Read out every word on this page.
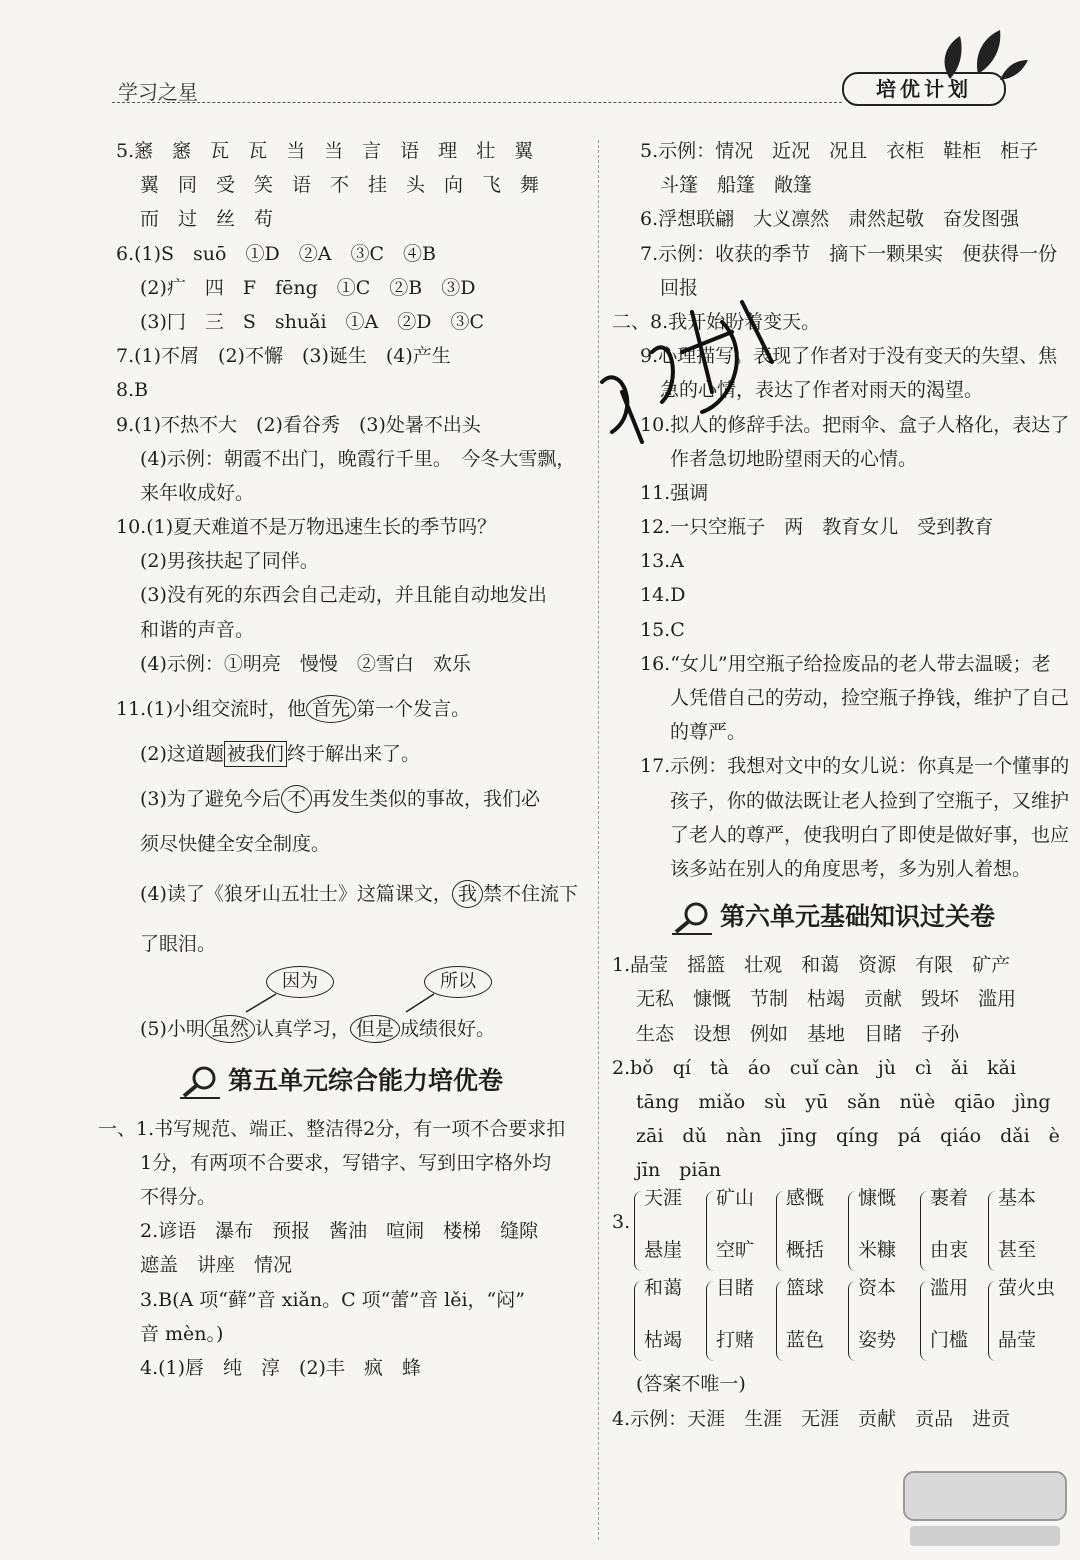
学习之星	培优计划
5.窸　窸　瓦　瓦　当　当　言　语　理　壮　翼
翼　同　受　笑　语　不　挂　头　向　飞　舞
而　过　丝　苟
6.(1)S　suō　①D　②A　③C　④B
(2)疒　四　F　fēng　①C　②B　③D
(3)冂　三　S　shuǎi　①A　②D　③C
7.(1)不屑　(2)不懈　(3)诞生　(4)产生
8.B
9.(1)不热不大　(2)看谷秀　(3)处暑不出头
(4)示例：朝霞不出门，晚霞行千里。　今冬大雪飘，
来年收成好。
10.(1)夏天难道不是万物迅速生长的季节吗？
(2)男孩扶起了同伴。
(3)没有死的东西会自己走动，并且能自动地发出
和谐的声音。
(4)示例：①明亮　慢慢　②雪白　欢乐
11.(1)小组交流时，他 首先 第一个发言。
(2)这道题 被我们 终于解出来了。
(3)为了避免今后 不 再发生类似的事故，我们必
须尽快健全安全制度。
(4)读了《狼牙山五壮士》这篇课文， 我 禁不住流下
了眼泪。
因为	所以
(5)小明 虽然 认真学习， 但是 成绩很好。
第五单元综合能力培优卷
一、1.书写规范、端正、整洁得2分，有一项不合要求扣
1分，有两项不合要求，写错字、写到田字格外均
不得分。
2.谚语　瀑布　预报　酱油　喧闹　楼梯　缝隙
遮盖　讲座　情况
3.B(A 项“藓”音 xiǎn。C 项“蕾”音 lěi，“闷”
音 mèn。)
4.(1)唇　纯　淳　(2)丰　疯　蜂
5.示例：情况　近况　况且　衣柜　鞋柜　柜子
斗篷　船篷　敞篷
6.浮想联翩　大义凛然　肃然起敬　奋发图强
7.示例：收获的季节　摘下一颗果实　便获得一份
回报
二、8.我开始盼着变天。
9.心理描写。表现了作者对于没有变天的失望、焦
急的心情，表达了作者对雨天的渴望。
10.拟人的修辞手法。把雨伞、盒子人格化，表达了
作者急切地盼望雨天的心情。
11.强调
12.一只空瓶子　两　教育女儿　受到教育
13.A
14.D
15.C
16.“女儿”用空瓶子给捡废品的老人带去温暖；老
人凭借自己的劳动，捡空瓶子挣钱，维护了自己
的尊严。
17.示例：我想对文中的女儿说：你真是一个懂事的
孩子，你的做法既让老人捡到了空瓶子，又维护
了老人的尊严，使我明白了即使是做好事，也应
该多站在别人的角度思考，多为别人着想。
第六单元基础知识过关卷
1.晶莹　摇篮　壮观　和蔼　资源　有限　矿产
无私　慷慨　节制　枯竭　贡献　毁坏　滥用
生态　设想　例如　基地　目睹　子孙
2.bǒ　qí　tà　áo　cuǐ càn　jù　cì　ǎi　kǎi
tāng　miǎo　sù　yū　sǎn　nüè　qiāo　jìng
zāi　dǔ　nàn　jīng　qíng　pá　qiáo　dǎi　è
jīn　piān
3.
天涯
悬崖
矿山
空旷
感慨
概括
慷慨
米糠
裹着
由衷
基本
甚至
和蔼
枯竭
目睹
打赌
篮球
蓝色
资本
姿势
滥用
门槛
萤火虫
晶莹
(答案不唯一)
4.示例：天涯　生涯　无涯　贡献　贡品　进贡
